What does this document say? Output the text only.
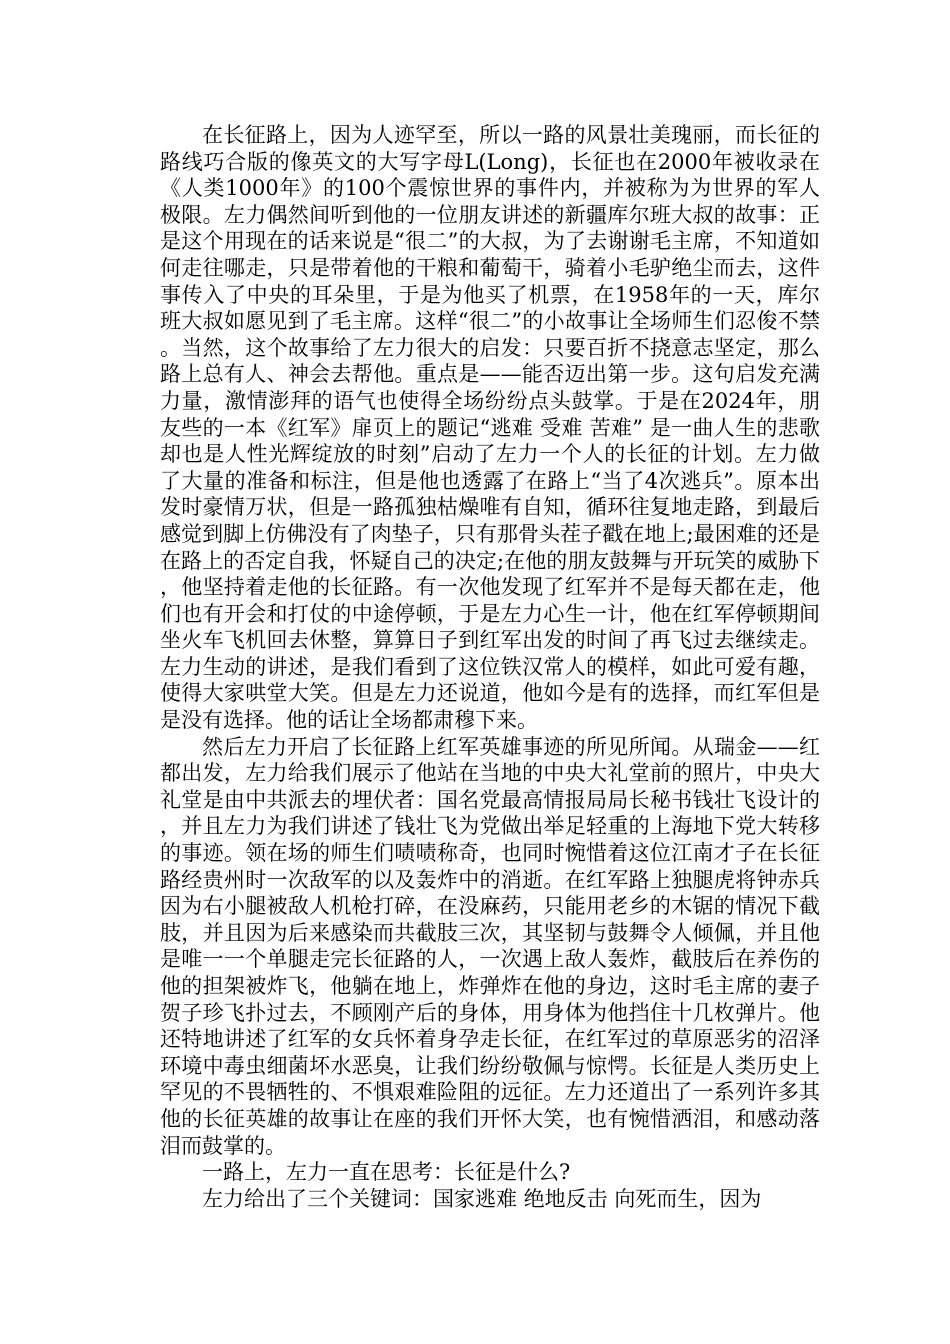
在长征路上，因为人迹罕至，所以一路的风景壮美瑰丽，而长征的路线巧合版的像英文的大写字母L(Long)，长征也在2000年被收录在《人类1000年》的100个震惊世界的事件内，并被称为为世界的军人极限。左力偶然间听到他的一位朋友讲述的新疆库尔班大叔的故事：正是这个用现在的话来说是“很二”的大叔，为了去谢谢毛主席，不知道如何走往哪走，只是带着他的干粮和葡萄干，骑着小毛驴绝尘而去，这件事传入了中央的耳朵里，于是为他买了机票，在1958年的一天，库尔班大叔如愿见到了毛主席。这样“很二”的小故事让全场师生们忍俊不禁。当然，这个故事给了左力很大的启发：只要百折不挠意志坚定，那么路上总有人、神会去帮他。重点是——能否迈出第一步。这句启发充满力量，激情澎拜的语气也使得全场纷纷点头鼓掌。于是在2024年，朋友些的一本《红军》扉页上的题记“逃难 受难 苦难” 是一曲人生的悲歌却也是人性光辉绽放的时刻”启动了左力一个人的长征的计划。左力做了大量的准备和标注，但是他也透露了在路上“当了4次逃兵”。原本出发时豪情万状，但是一路孤独枯燥唯有自知，循环往复地走路，到最后感觉到脚上仿佛没有了肉垫子，只有那骨头茬子戳在地上;最困难的还是在路上的否定自我，怀疑自己的决定;在他的朋友鼓舞与开玩笑的威胁下，他坚持着走他的长征路。有一次他发现了红军并不是每天都在走，他们也有开会和打仗的中途停顿，于是左力心生一计，他在红军停顿期间坐火车飞机回去休整，算算日子到红军出发的时间了再飞过去继续走。左力生动的讲述，是我们看到了这位铁汉常人的模样，如此可爱有趣，使得大家哄堂大笑。但是左力还说道，他如今是有的选择，而红军但是是没有选择。他的话让全场都肃穆下来。

然后左力开启了长征路上红军英雄事迹的所见所闻。从瑞金——红都出发，左力给我们展示了他站在当地的中央大礼堂前的照片，中央大礼堂是由中共派去的埋伏者：国名党最高情报局局长秘书钱壮飞设计的，并且左力为我们讲述了钱壮飞为党做出举足轻重的上海地下党大转移的事迹。领在场的师生们啧啧称奇，也同时惋惜着这位江南才子在长征路经贵州时一次敌军的以及轰炸中的消逝。在红军路上独腿虎将钟赤兵因为右小腿被敌人机枪打碎，在没麻药，只能用老乡的木锯的情况下截肢，并且因为后来感染而共截肢三次，其坚韧与鼓舞令人倾佩，并且他是唯一一个单腿走完长征路的人，一次遇上敌人轰炸，截肢后在养伤的他的担架被炸飞，他躺在地上，炸弹炸在他的身边，这时毛主席的妻子贺子珍飞扑过去，不顾刚产后的身体，用身体为他挡住十几枚弹片。他还特地讲述了红军的女兵怀着身孕走长征，在红军过的草原恶劣的沼泽环境中毒虫细菌坏水恶臭，让我们纷纷敬佩与惊愕。长征是人类历史上罕见的不畏牺牲的、不惧艰难险阻的远征。左力还道出了一系列许多其他的长征英雄的故事让在座的我们开怀大笑，也有惋惜洒泪，和感动落泪而鼓掌的。

一路上，左力一直在思考：长征是什么?

左力给出了三个关键词：国家逃难 绝地反击 向死而生，因为
